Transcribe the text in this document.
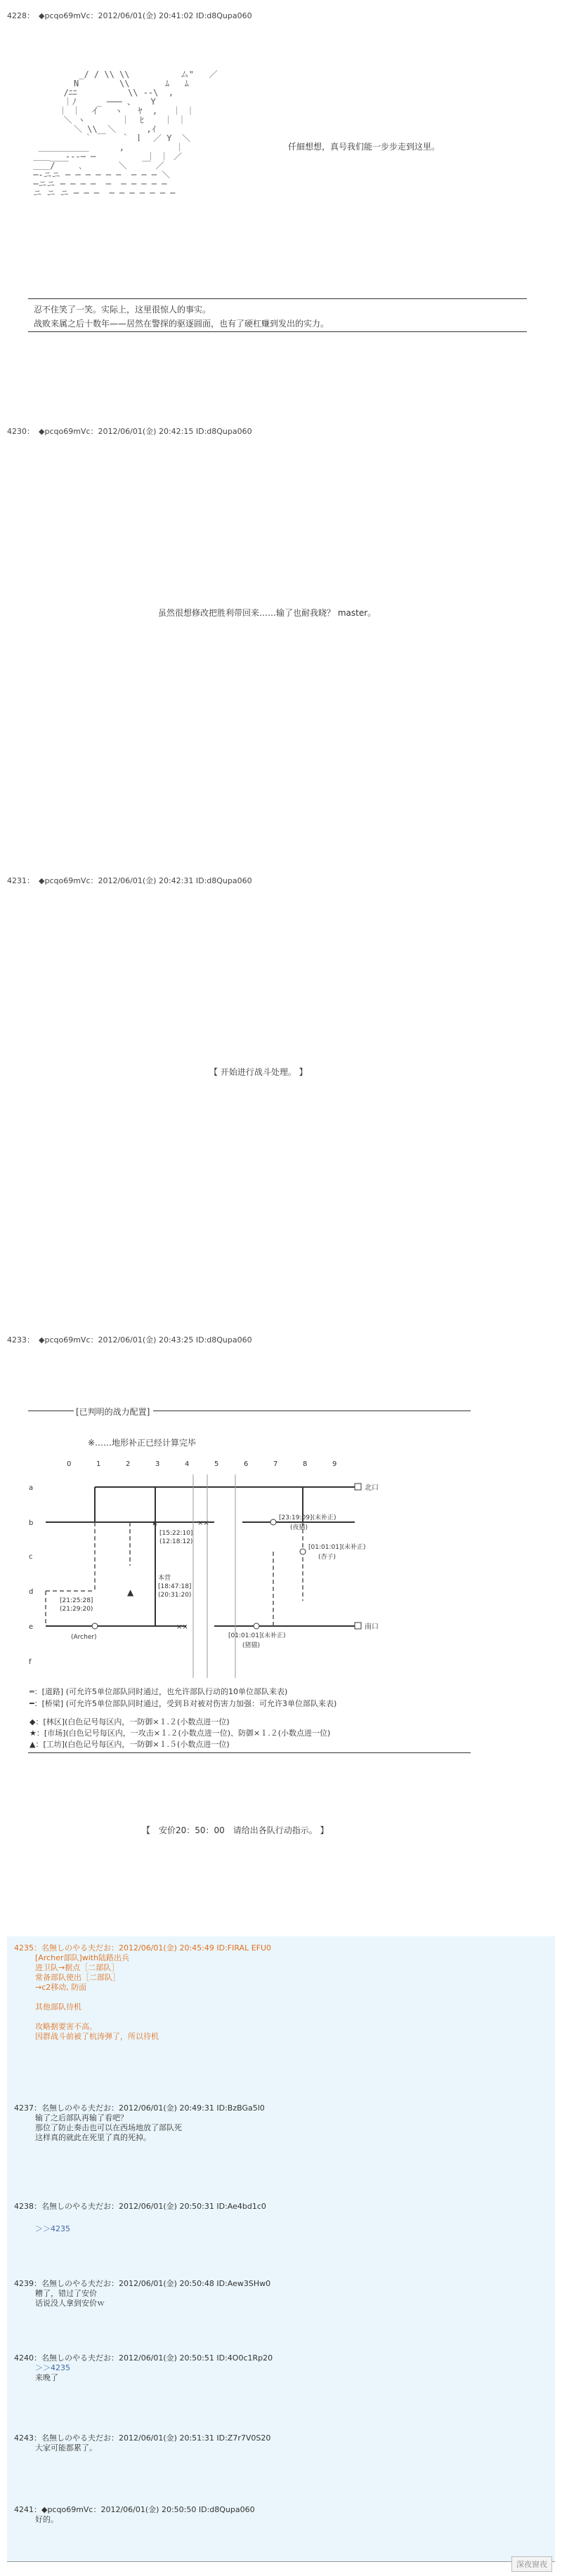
4228： ◆pcqo69mVc：2012/06/01(金) 20:41:02 ID:d8Qupa060
_/ / \\ \\          ム"   ／
N        \\       ﾑ   ﾑ
/ﾆﾆ          \\ ‐‐\  ,
｜ﾉ    _ ─── 、   Y
｜ ｜  イ   ヽ   ﾔ  ,   ｜ ｜
＼ ヽ       ｜  ﾋ    ｜ ｜
＼ \\  ＼      ,ｲ
｀ ￣   ｀ ｌ  ／ Y  ＼
＿＿＿＿＿＿      ,          ｜
＿＿__ ‐‐‐─ ─          ｜ ｜ ／
＿＿/ ￣  ､       ＼   ￣ ／
─‐ニニ ─ ─ ─ ─ ─ ─  ─ ─ ─ ＼
─ニニ ─ ─ ─ ─  ─  ─ ─ ─ ─ ─
ニ ニ ニ ─ ─ ─  ─ ─ ─ ─ ─ ─ ─
仟細想想，真号我们能一步步走到这里。
忍不住笑了一笑。实际上，这里很惊人的事实。
战败来属之后十数年——居然在警探的驱逐圆面，也有了硬杠赚到发出的实力。
4230： ◆pcqo69mVc：2012/06/01(金) 20:42:15 ID:d8Qupa060
虽然很想修改把胜利带回来……输了也耐我晓？ master。
4231： ◆pcqo69mVc：2012/06/01(金) 20:42:31 ID:d8Qupa060
【 开始进行战斗处理。 】
4233： ◆pcqo69mVc：2012/06/01(金) 20:43:25 ID:d8Qupa060
[已判明的战力配置]
※……地形补正已经计算完毕
0	1	2	3	4	5	6	7	8	9
a
b
c
d
e
f
××
××
★
[15:22:10]
(12:18:12)
本营
[18:47:18]
(20:31:20)
▲
[21:25:28]
(21:29:20)
(Archer)
[23:19:09](未补正)
(夜猫)
[01:01:01](未补正)
(杏子)
[01:01:01](未补正)
(猪猫)
北口
南口
═：[道路] (可允许5单位部队同时通过，也允许部队行动的10单位部队来表)
━：[桥梁] (可允许5单位部队同时通过，受到Ｂ对被对伤害力加强：可允许3单位部队来表)
◆：[林区](白色记号每区内，一防御×１.２(小数点进一位)
★：[市场](白色记号每区内，一攻击×１.２(小数点进一位)、防御×１.２(小数点进一位)
▲：[工坊](白色记号每区内，一防御×１.５(小数点进一位)
【　安价20：50：00　请给出各队行动指示。 】
4235：名無しのやる夫だお：2012/06/01(金) 20:45:49 ID:FIRAL EFU0
[Archer部队]with陆路出兵
进卫队→据点［二部队］
常备部队使出［二部队］
→c2移动, 防面

其他部队待机

攻略据要害不高。
因群战斗前被了杭涛弹了，所以待机
4237：名無しのやる夫だお：2012/06/01(金) 20:49:31 ID:BzBGa5l0
输了之后部队再输了看吧？
那位了防止奏击也可以在西场地放了部队死
这样真的就此在死里了真的死掉。
4238：名無しのやる夫だお：2012/06/01(金) 20:50:31 ID:Ae4bd1c0
＞＞4235
4239：名無しのやる夫だお：2012/06/01(金) 20:50:48 ID:Aew3SHw0
糟了，错过了安价
话说没人拿到安价ｗ
4240：名無しのやる夫だお：2012/06/01(金) 20:50:51 ID:4O0c1Rp20
＞＞4235
来晚了
4243：名無しのやる夫だお：2012/06/01(金) 20:51:31 ID:Z7r7V0S20
大家可能都累了。
4241：◆pcqo69mVc：2012/06/01(金) 20:50:50 ID:d8Qupa060
好的。
深夜窗夜
